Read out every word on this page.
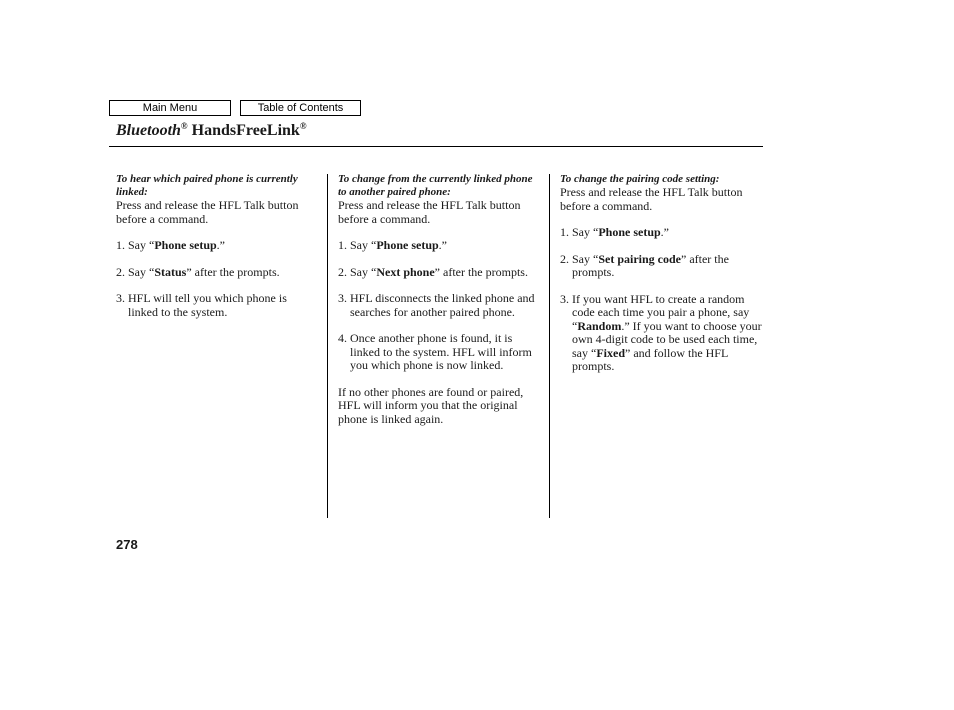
Main Menu	Table of Contents
Bluetooth® HandsFreeLink®

To hear which paired phone is currently linked:

Press and release the HFL Talk button before a command.

1. Say “Phone setup.”
2. Say “Status” after the prompts.
3. HFL will tell you which phone is linked to the system.

To change from the currently linked phone to another paired phone:

Press and release the HFL Talk button before a command.

1. Say “Phone setup.”
2. Say “Next phone” after the prompts.
3. HFL disconnects the linked phone and searches for another paired phone.
4. Once another phone is found, it is linked to the system. HFL will inform you which phone is now linked.

If no other phones are found or paired, HFL will inform you that the original phone is linked again.

To change the pairing code setting:

Press and release the HFL Talk button before a command.

1. Say “Phone setup.”
2. Say “Set pairing code” after the prompts.
3. If you want HFL to create a random code each time you pair a phone, say “Random.” If you want to choose your own 4-digit code to be used each time, say “Fixed” and follow the HFL prompts.
278
